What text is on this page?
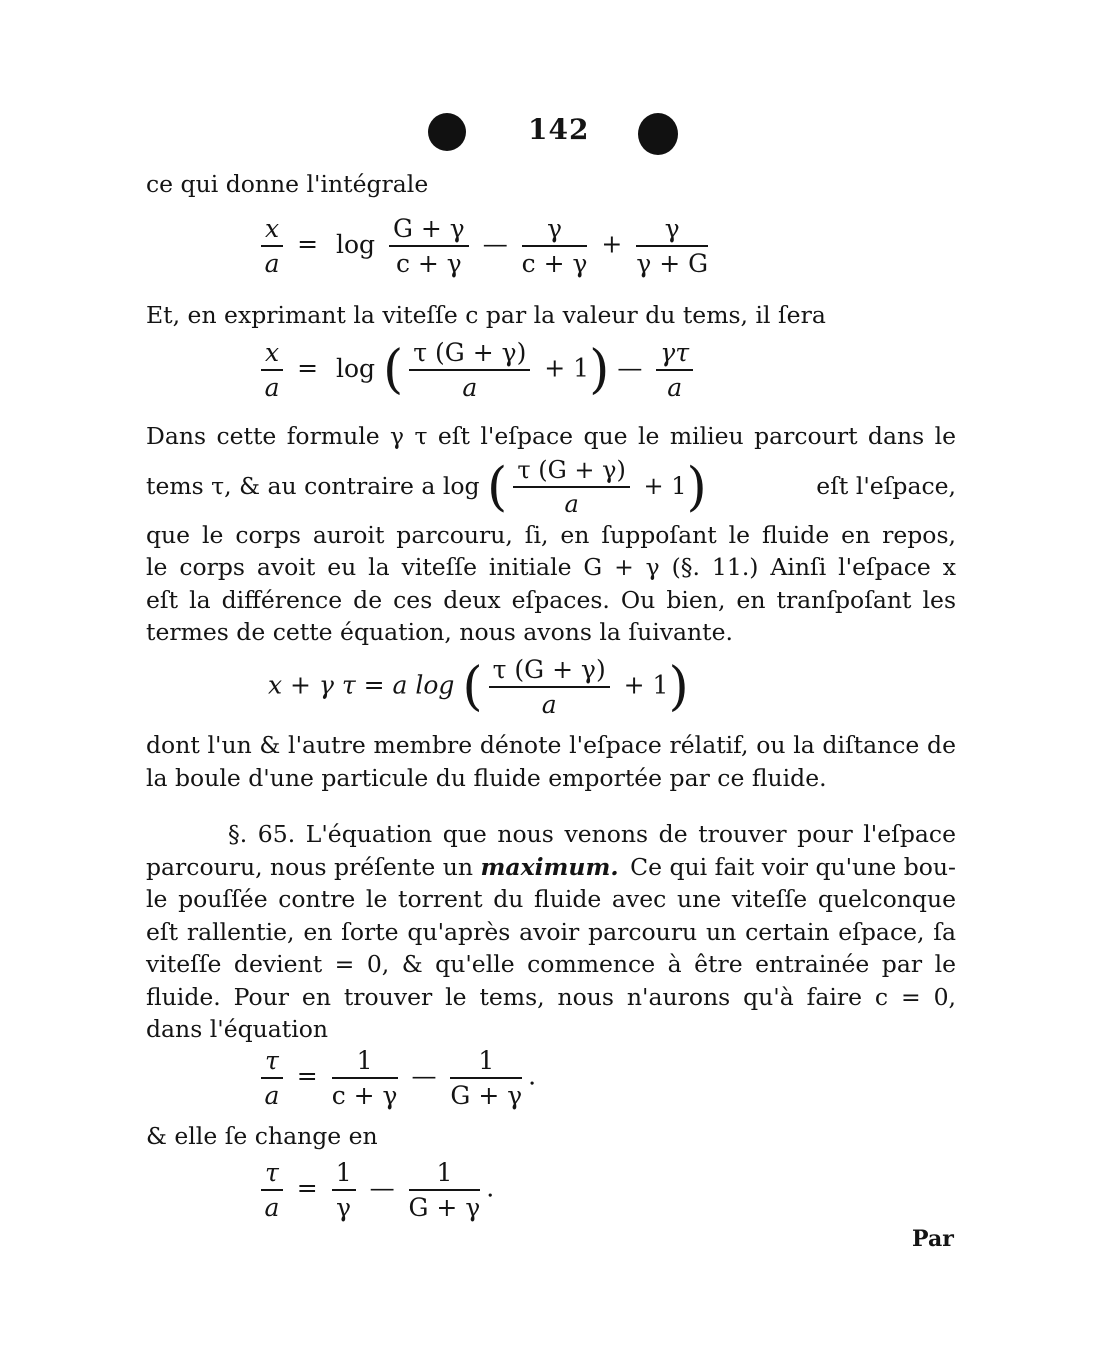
142
ce qui donne l'intégrale
$\frac{x}{a} = \log \frac{G + \gamma}{c + \gamma}$ — $\frac{\gamma}{c + \gamma} + \frac{\gamma}{\gamma + G}$
Et, en exprimant la viteſſe c par la valeur du tems, il ſera
$\frac{x}{a} = \log$ ( $\frac{\tau (G + \gamma)}{a} + 1$) — $\frac{\gamma\tau}{a}$
Dans cette formule γ τ eſt l'eſpace que le milieu parcourt dans le
tems τ, & au contraire a log ( $\frac{\tau (G + \gamma)}{a} + 1$)	eſt l'eſpace,
que le corps auroit parcouru, ſi, en ſuppoſant le fluide en repos,
le corps avoit eu la viteſſe initiale G + γ (§. 11.) Ainſi l'eſpace x
eſt la différence de ces deux eſpaces. Ou bien, en tranſpoſant les
termes de cette équation, nous avons la ſuivante.
x + γ τ = a log ( $\frac{\tau (G + \gamma)}{a} + 1$)
dont l'un & l'autre membre dénote l'eſpace rélatif, ou la diſtance de
la boule d'une particule du fluide emportée par ce fluide.
§. 65. L'équation que nous venons de trouver pour l'eſpace
parcouru, nous préſente un maximum. Ce qui fait voir qu'une bou-
le pouſſée contre le torrent du fluide avec une viteſſe quelconque
eſt rallentie, en ſorte qu'après avoir parcouru un certain eſpace, ſa
viteſſe devient = 0, & qu'elle commence à être entrainée par le
fluide. Pour en trouver le tems, nous n'aurons qu'à faire c = 0,
dans l'équation
$\frac{\tau}{a} = \frac{1}{c + \gamma}$ — $\frac{1}{G + \gamma}$ .
& elle ſe change en
$\frac{\tau}{a} = \frac{1}{\gamma}$ — $\frac{1}{G + \gamma}$ .
Par
